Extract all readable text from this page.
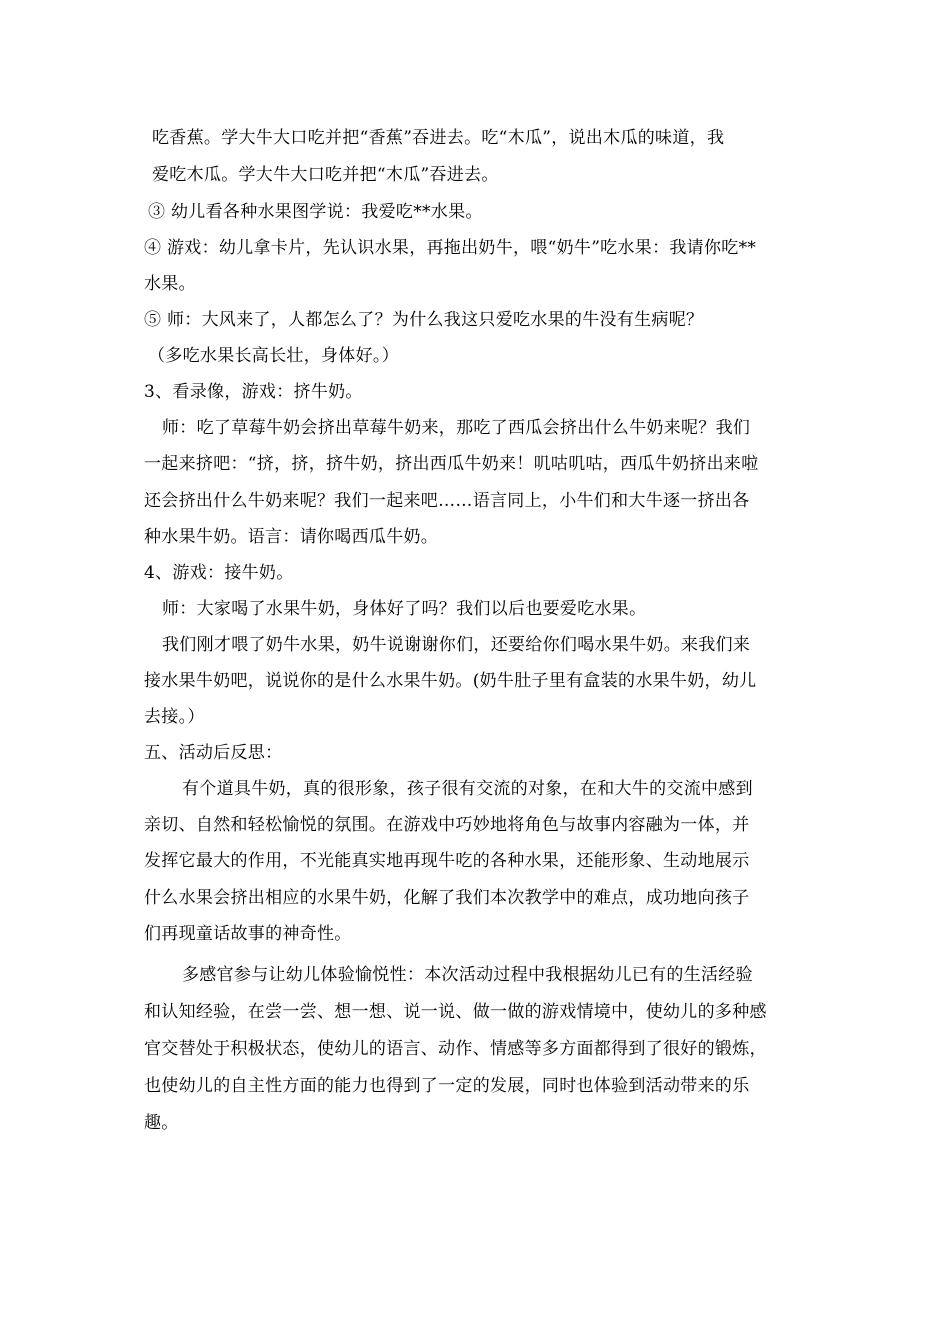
吃香蕉。学大牛大口吃并把“香蕉”吞进去。吃“木瓜”，说出木瓜的味道，我
爱吃木瓜。学大牛大口吃并把“木瓜”吞进去。
③ 幼儿看各种水果图学说：我爱吃**水果。
④ 游戏：幼儿拿卡片，先认识水果，再拖出奶牛，喂“奶牛”吃水果：我请你吃**
水果。
⑤ 师：大风来了，人都怎么了？为什么我这只爱吃水果的牛没有生病呢？
（多吃水果长高长壮，身体好。）
3、看录像，游戏：挤牛奶。
师：吃了草莓牛奶会挤出草莓牛奶来，那吃了西瓜会挤出什么牛奶来呢？我们
一起来挤吧：“挤，挤，挤牛奶，挤出西瓜牛奶来！叽咕叽咕，西瓜牛奶挤出来啦
还会挤出什么牛奶来呢？我们一起来吧……语言同上，小牛们和大牛逐一挤出各
种水果牛奶。语言：请你喝西瓜牛奶。
4、游戏：接牛奶。
师：大家喝了水果牛奶，身体好了吗？我们以后也要爱吃水果。
我们刚才喂了奶牛水果，奶牛说谢谢你们，还要给你们喝水果牛奶。来我们来
接水果牛奶吧，说说你的是什么水果牛奶。(奶牛肚子里有盒装的水果牛奶，幼儿
去接。）
五、活动后反思：
有个道具牛奶，真的很形象，孩子很有交流的对象，在和大牛的交流中感到
亲切、自然和轻松愉悦的氛围。在游戏中巧妙地将角色与故事内容融为一体，并
发挥它最大的作用，不光能真实地再现牛吃的各种水果，还能形象、生动地展示
什么水果会挤出相应的水果牛奶，化解了我们本次教学中的难点，成功地向孩子
们再现童话故事的神奇性。
多感官参与让幼儿体验愉悦性：本次活动过程中我根据幼儿已有的生活经验
和认知经验，在尝一尝、想一想、说一说、做一做的游戏情境中，使幼儿的多种感
官交替处于积极状态，使幼儿的语言、动作、情感等多方面都得到了很好的锻炼，
也使幼儿的自主性方面的能力也得到了一定的发展，同时也体验到活动带来的乐
趣。
